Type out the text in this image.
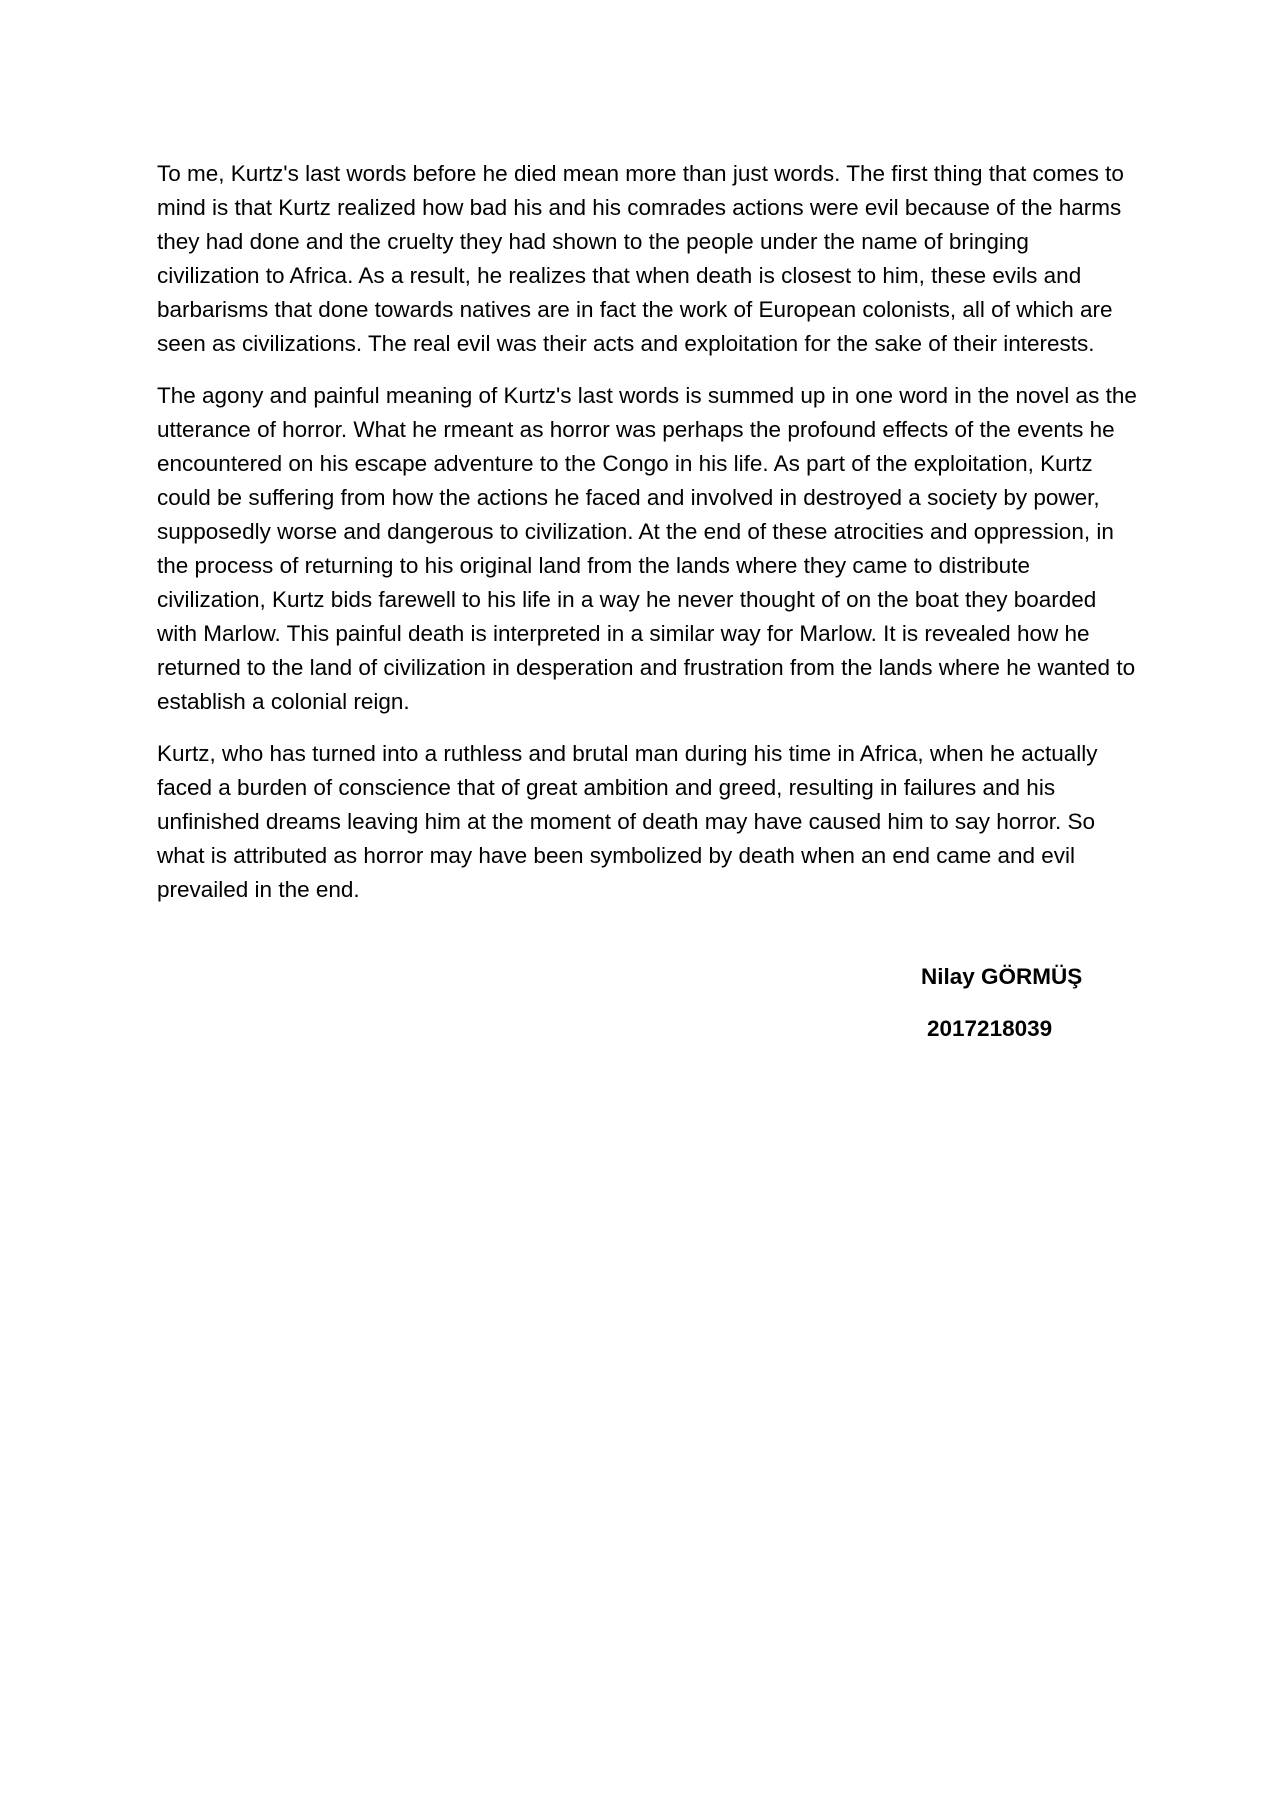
To me, Kurtz's last words before he died mean more than just words. The first thing that comes to mind is that Kurtz realized how bad his and his comrades actions were evil because of the harms they had done and the cruelty they had shown to the people under the name of bringing civilization to Africa. As a result, he realizes that when death is closest to him, these evils and barbarisms that done towards natives are in fact the work of European colonists, all of which are seen as civilizations. The real evil was their acts and exploitation for the sake of their interests.

The agony and painful meaning of Kurtz's last words is summed up in one word in the novel as the utterance of horror. What he rmeant as horror was perhaps the profound effects of the events he encountered on his escape adventure to the Congo in his life. As part of the exploitation, Kurtz could be suffering from how the actions he faced and involved in destroyed a society by power, supposedly worse and dangerous to civilization. At the end of these atrocities and oppression, in the process of returning to his original land from the lands where they came to distribute civilization, Kurtz bids farewell to his life in a way he never thought of on the boat they boarded with Marlow. This painful death is interpreted in a similar way for Marlow. It is revealed how he returned to the land of civilization in desperation and frustration from the lands where he wanted to establish a colonial reign.

Kurtz, who has turned into a ruthless and brutal man during his time in Africa, when he actually faced a burden of conscience that of great ambition and greed, resulting in failures and his unfinished dreams leaving him at the moment of death may have caused him to say horror. So what is attributed as horror may have been symbolized by death when an end came and evil prevailed in the end.

Nilay GÖRMÜŞ
2017218039
